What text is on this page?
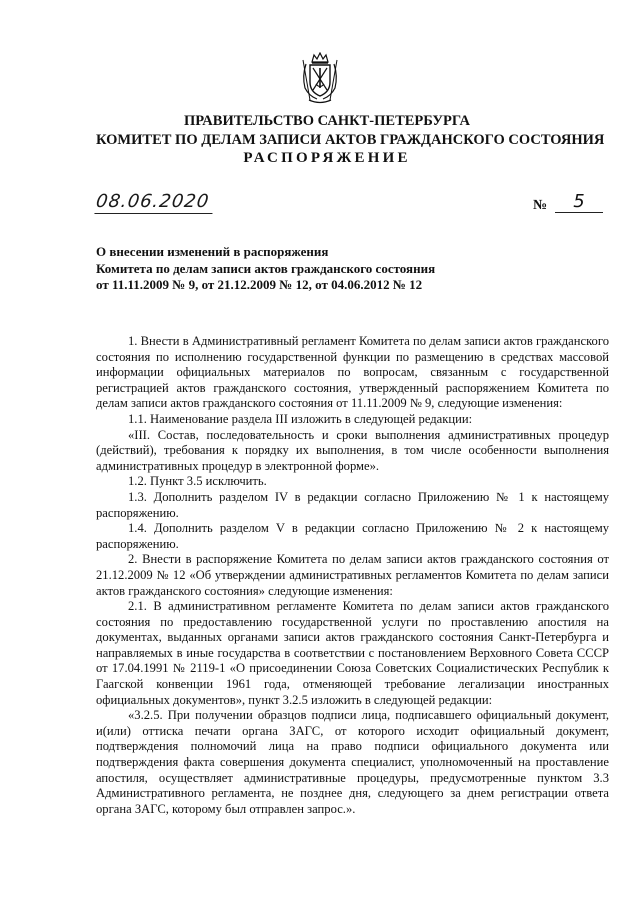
ПРАВИТЕЛЬСТВО САНКТ-ПЕТЕРБУРГА
КОМИТЕТ ПО ДЕЛАМ ЗАПИСИ АКТОВ ГРАЖДАНСКОГО СОСТОЯНИЯ
РАСПОРЯЖЕНИЕ
08.06.2020	№	5
О внесении изменений в распоряжения
Комитета по делам записи актов гражданского состояния
от 11.11.2009 № 9, от 21.12.2009 № 12, от 04.06.2012 № 12

1. Внести в Административный регламент Комитета по делам записи актов гражданского состояния по исполнению государственной функции по размещению в средствах массовой информации официальных материалов по вопросам, связанным с государственной регистрацией актов гражданского состояния, утвержденный распоряжением Комитета по делам записи актов гражданского состояния от 11.11.2009 № 9, следующие изменения:

1.1. Наименование раздела III изложить в следующей редакции:

«III. Состав, последовательность и сроки выполнения административных процедур (действий), требования к порядку их выполнения, в том числе особенности выполнения административных процедур в электронной форме».

1.2. Пункт 3.5 исключить.

1.3. Дополнить разделом IV в редакции согласно Приложению № 1 к настоящему распоряжению.

1.4. Дополнить разделом V в редакции согласно Приложению № 2 к настоящему распоряжению.

2. Внести в распоряжение Комитета по делам записи актов гражданского состояния от 21.12.2009 № 12 «Об утверждении административных регламентов Комитета по делам записи актов гражданского состояния» следующие изменения:

2.1. В административном регламенте Комитета по делам записи актов гражданского состояния по предоставлению государственной услуги по проставлению апостиля на документах, выданных органами записи актов гражданского состояния Санкт-Петербурга и направляемых в иные государства в соответствии с постановлением Верховного Совета СССР от 17.04.1991 № 2119-1 «О присоединении Союза Советских Социалистических Республик к Гаагской конвенции 1961 года, отменяющей требование легализации иностранных официальных документов», пункт 3.2.5 изложить в следующей редакции:

«3.2.5. При получении образцов подписи лица, подписавшего официальный документ, и(или) оттиска печати органа ЗАГС, от которого исходит официальный документ, подтверждения полномочий лица на право подписи официального документа или подтверждения факта совершения документа специалист, уполномоченный на проставление апостиля, осуществляет административные процедуры, предусмотренные пунктом 3.3 Административного регламента, не позднее дня, следующего за днем регистрации ответа органа ЗАГС, которому был отправлен запрос.».
